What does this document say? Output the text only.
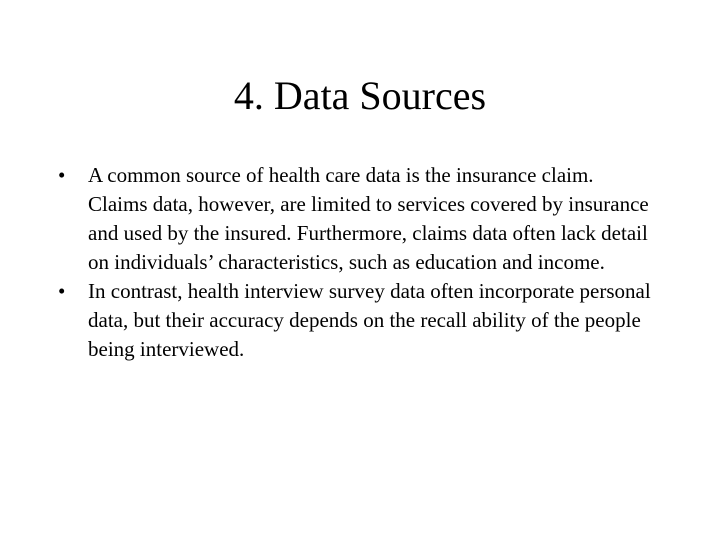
4. Data Sources
• A common source of health care data is the insurance claim. Claims data, however, are limited to services covered by insurance and used by the insured. Furthermore, claims data often lack detail on individuals’ characteristics, such as education and income.
• In contrast, health interview survey data often incorporate personal data, but their accuracy depends on the recall ability of the people being interviewed.
